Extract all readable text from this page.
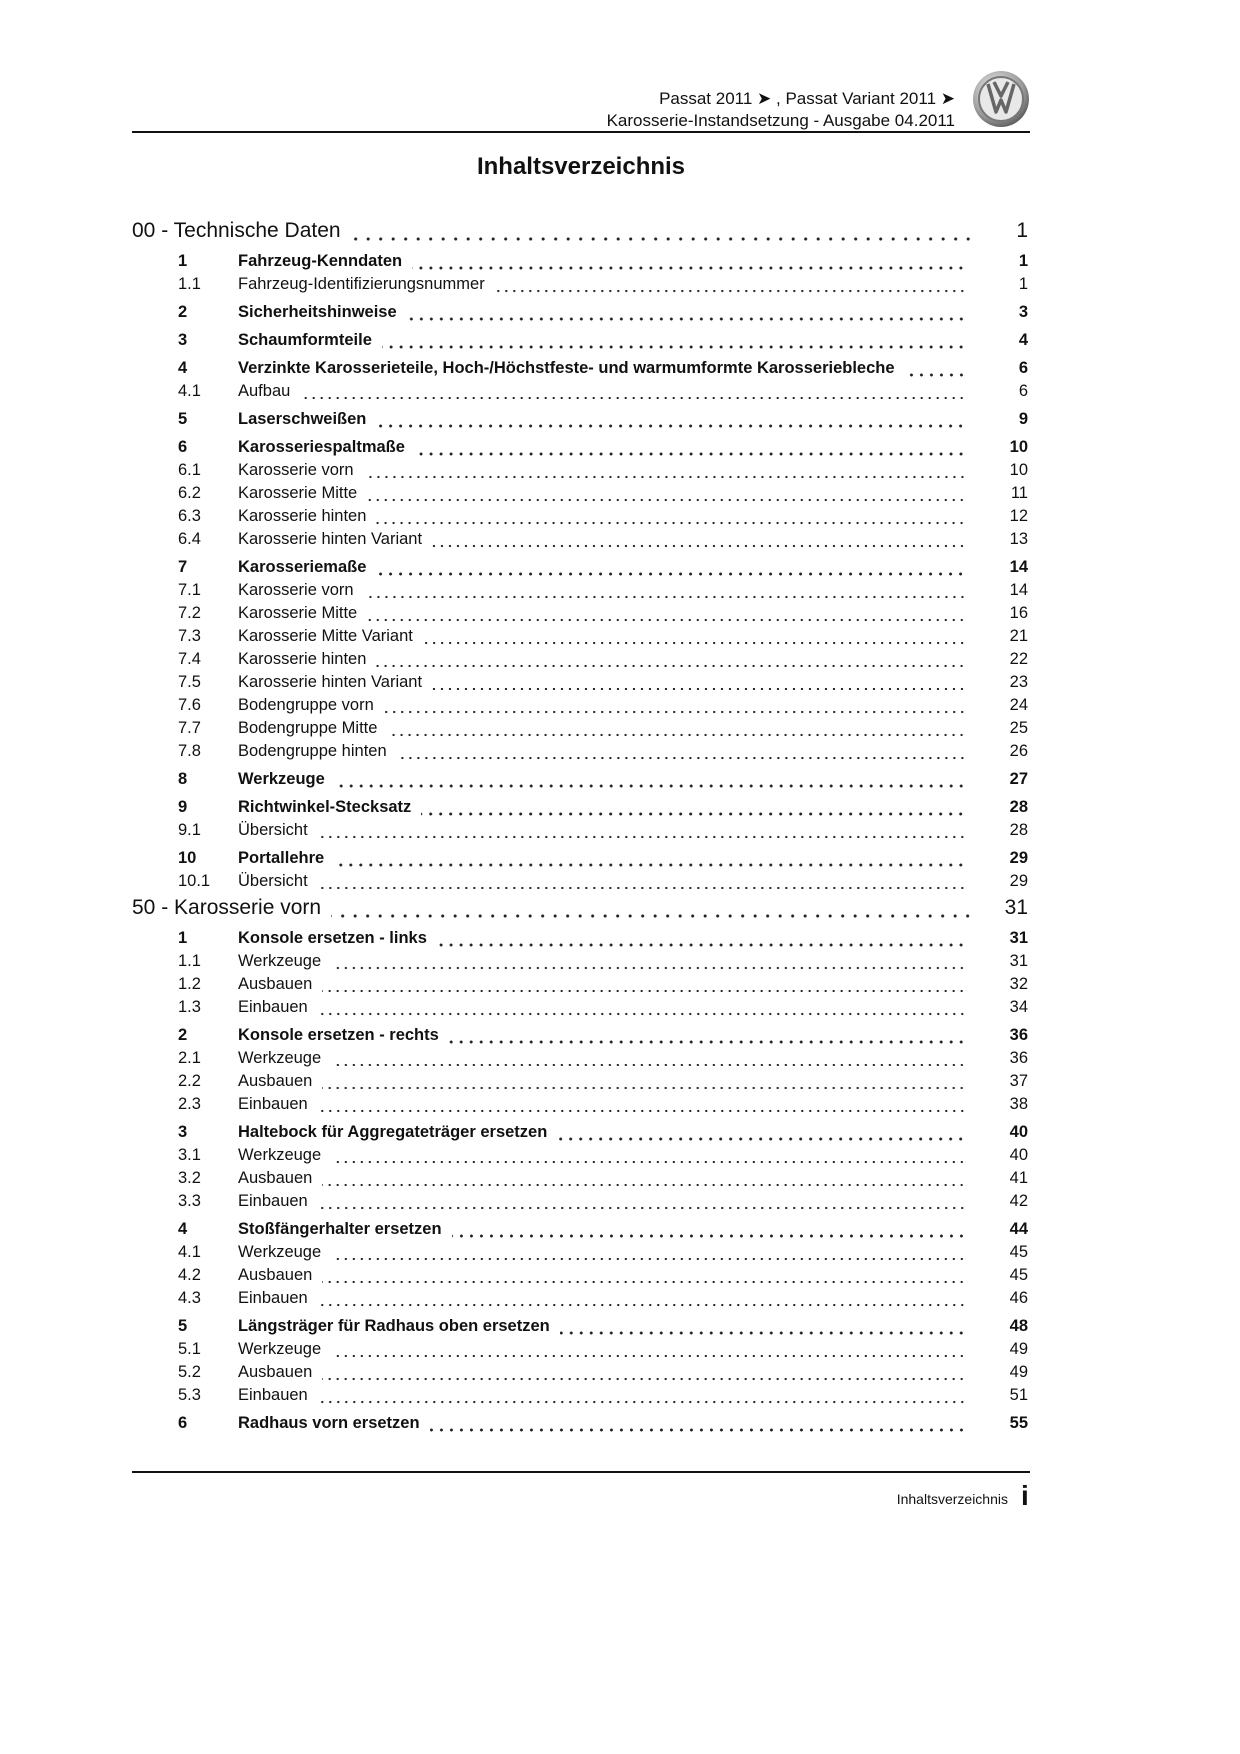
Passat 2011 ➤ , Passat Variant 2011 ➤
Karosserie-Instandsetzung - Ausgabe 04.2011
Inhaltsverzeichnis
00 - Technische Daten	1
1	Fahrzeug-Kenndaten	1
1.1	Fahrzeug-Identifizierungsnummer	1
2	Sicherheitshinweise	3
3	Schaumformteile	4
4	Verzinkte Karosserieteile, Hoch-/Höchstfeste- und warmumformte Karosseriebleche	6
4.1	Aufbau	6
5	Laserschweißen	9
6	Karosseriespaltmaße	10
6.1	Karosserie vorn	10
6.2	Karosserie Mitte	11
6.3	Karosserie hinten	12
6.4	Karosserie hinten Variant	13
7	Karosseriemaße	14
7.1	Karosserie vorn	14
7.2	Karosserie Mitte	16
7.3	Karosserie Mitte Variant	21
7.4	Karosserie hinten	22
7.5	Karosserie hinten Variant	23
7.6	Bodengruppe vorn	24
7.7	Bodengruppe Mitte	25
7.8	Bodengruppe hinten	26
8	Werkzeuge	27
9	Richtwinkel-Stecksatz	28
9.1	Übersicht	28
10	Portallehre	29
10.1	Übersicht	29
50 - Karosserie vorn	31
1	Konsole ersetzen - links	31
1.1	Werkzeuge	31
1.2	Ausbauen	32
1.3	Einbauen	34
2	Konsole ersetzen - rechts	36
2.1	Werkzeuge	36
2.2	Ausbauen	37
2.3	Einbauen	38
3	Haltebock für Aggregateträger ersetzen	40
3.1	Werkzeuge	40
3.2	Ausbauen	41
3.3	Einbauen	42
4	Stoßfängerhalter ersetzen	44
4.1	Werkzeuge	45
4.2	Ausbauen	45
4.3	Einbauen	46
5	Längsträger für Radhaus oben ersetzen	48
5.1	Werkzeuge	49
5.2	Ausbauen	49
5.3	Einbauen	51
6	Radhaus vorn ersetzen	55
Inhaltsverzeichnis i
